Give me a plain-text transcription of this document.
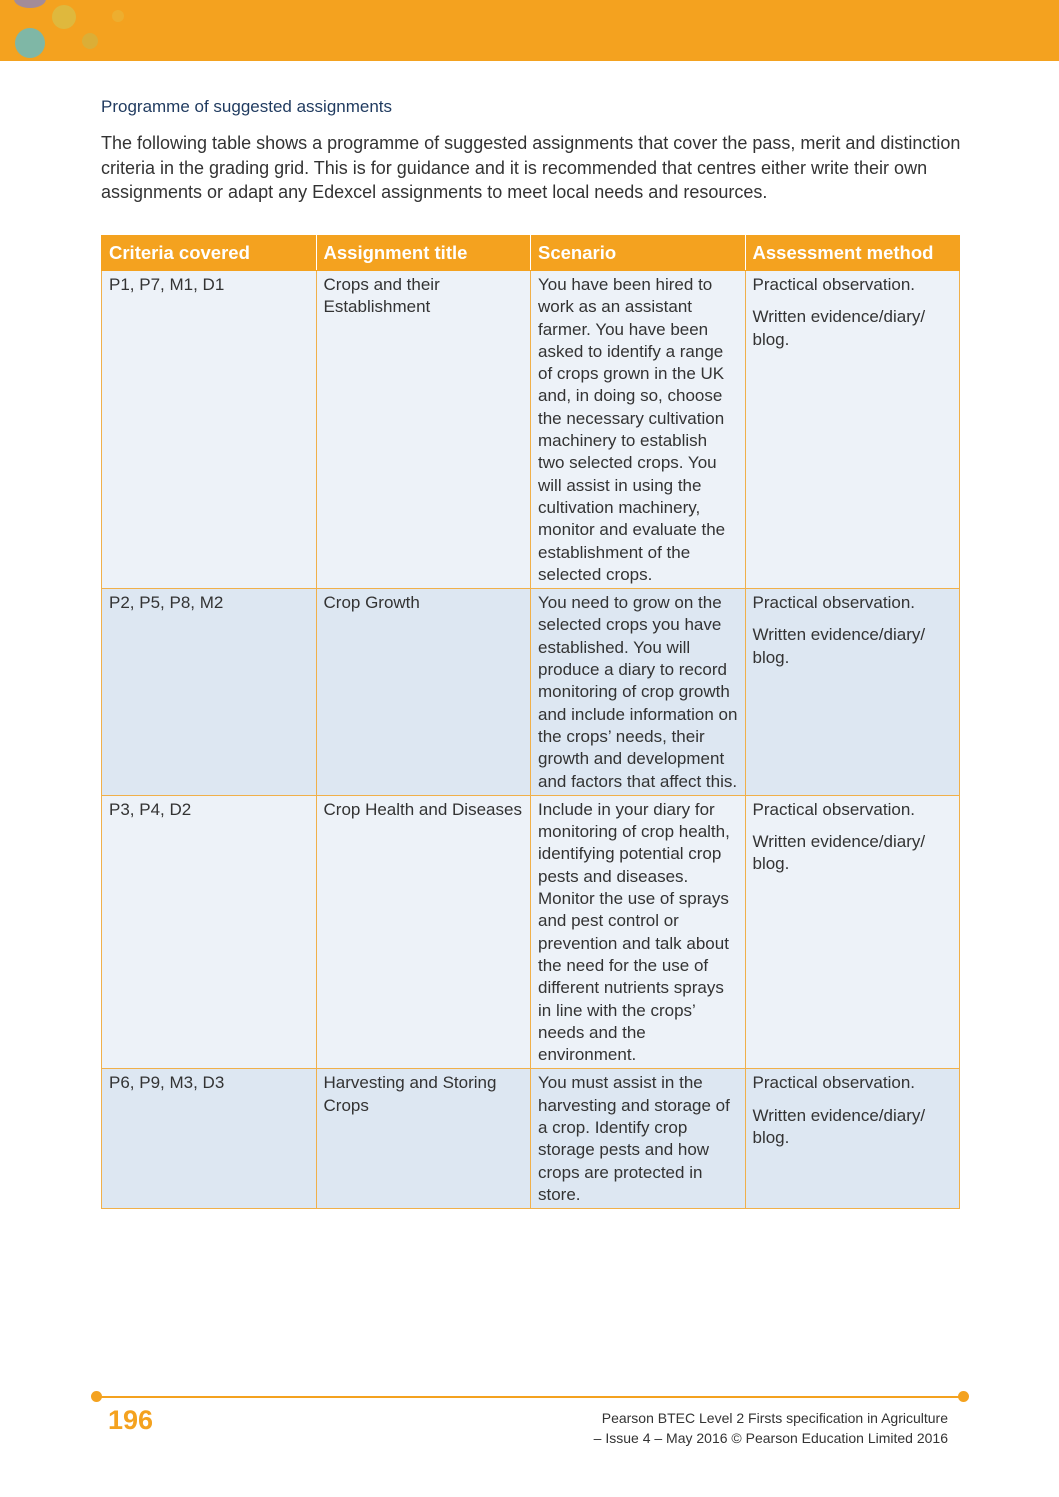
Programme of suggested assignments

The following table shows a programme of suggested assignments that cover the pass, merit and distinction criteria in the grading grid. This is for guidance and it is recommended that centres either write their own assignments or adapt any Edexcel assignments to meet local needs and resources.

Criteria covered	Assignment title	Scenario	Assessment method
P1, P7, M1, D1	Crops and their Establishment	You have been hired to work as an assistant farmer. You have been asked to identify a range of crops grown in the UK and, in doing so, choose the necessary cultivation machinery to establish two selected crops. You will assist in using the cultivation machinery, monitor and evaluate the establishment of the selected crops.	Practical observation.
Written evidence/diary/ blog.

P2, P5, P8, M2	Crop Growth	You need to grow on the selected crops you have established. You will produce a diary to record monitoring of crop growth and include information on the crops’ needs, their growth and development and factors that affect this.	Practical observation.
Written evidence/diary/ blog.

P3, P4, D2	Crop Health and Diseases	Include in your diary for monitoring of crop health, identifying potential crop pests and diseases. Monitor the use of sprays and pest control or prevention and talk about the need for the use of different nutrients sprays in line with the crops’ needs and the environment.	Practical observation.
Written evidence/diary/ blog.

P6, P9, M3, D3	Harvesting and Storing Crops	You must assist in the harvesting and storage of a crop. Identify crop storage pests and how crops are protected in store.	Practical observation.
Written evidence/diary/ blog.
196	Pearson BTEC Level 2 Firsts specification in Agriculture
– Issue 4 – May 2016 © Pearson Education Limited 2016
